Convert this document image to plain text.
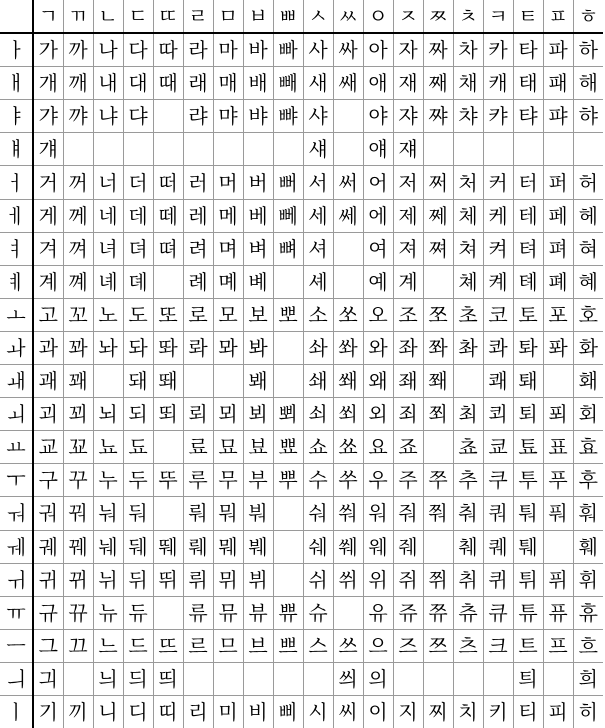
	ㄱ	ㄲ	ㄴ	ㄷ	ㄸ	ㄹ	ㅁ	ㅂ	ㅃ	ㅅ	ㅆ	ㅇ	ㅈ	ㅉ	ㅊ	ㅋ	ㅌ	ㅍ	ㅎ
ㅏ	가	까	나	다	따	라	마	바	빠	사	싸	아	자	짜	차	카	타	파	하
ㅐ	개	깨	내	대	때	래	매	배	빼	새	쌔	애	재	째	채	캐	태	패	해
ㅑ	갸	꺄	냐	댜		랴	먀	뱌	뺘	샤		야	쟈	쨔	챠	캬	탸	퍄	햐
ㅒ	걔									섀		얘	쟤						
ㅓ	거	꺼	너	더	떠	러	머	버	뻐	서	써	어	저	쩌	처	커	터	퍼	허
ㅔ	게	께	네	데	떼	레	메	베	뻬	세	쎄	에	제	쩨	체	케	테	페	헤
ㅕ	겨	껴	녀	뎌	뗘	려	며	벼	뼈	셔		여	져	쪄	쳐	켜	텨	펴	혀
ㅖ	계	꼐	녜	뎨		례	몌	볘		셰		예	계		쳬	켸	톄	폐	혜
ㅗ	고	꼬	노	도	또	로	모	보	뽀	소	쏘	오	조	쪼	초	코	토	포	호
ㅘ	과	꽈	놔	돠	똬	롸	뫄	봐		솨	쏴	와	좌	쫘	촤	콰	톼	퐈	화
ㅙ	괘	꽤		돼	뙈			봬		쇄	쐐	왜	좨	쫴		쾌	퇘		홰
ㅚ	괴	꾀	뇌	되	뙤	뢰	뫼	뵈	뾔	쇠	쐬	외	죄	쬐	최	쾨	퇴	푀	회
ㅛ	교	꾜	뇨	됴		료	묘	뵤	뾰	쇼	쑈	요	죠		쵸	쿄	툐	표	효
ㅜ	구	꾸	누	두	뚜	루	무	부	뿌	수	쑤	우	주	쭈	추	쿠	투	푸	후
ㅝ	궈	꿔	눠	둬		뤄	뭐	붜		숴	쒀	워	줘	쭤	춰	쿼	퉈	풔	훠
ㅞ	궤	꿰	눼	뒈	뛔	뤠	뭬	붸		쉐	쒜	웨	줴		췌	퀘	퉤		훼
ㅟ	귀	뀌	뉘	뒤	뛰	뤼	뮈	뷔		쉬	쒸	위	쥐	쮜	취	퀴	튀	퓌	휘
ㅠ	규	뀨	뉴	듀		류	뮤	뷰	쀼	슈		유	쥬	쮸	츄	큐	튜	퓨	휴
ㅡ	그	끄	느	드	뜨	르	므	브	쁘	스	쓰	으	즈	쯔	츠	크	트	프	흐
ㅢ	긔		늬	듸	띄						씌	의					틔		희
ㅣ	기	끼	니	디	띠	리	미	비	삐	시	씨	이	지	찌	치	키	티	피	히
